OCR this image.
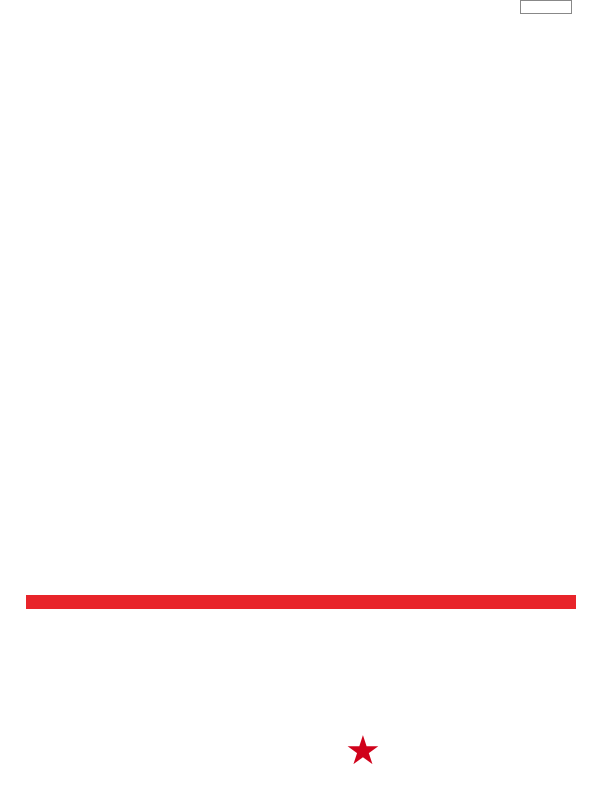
★
